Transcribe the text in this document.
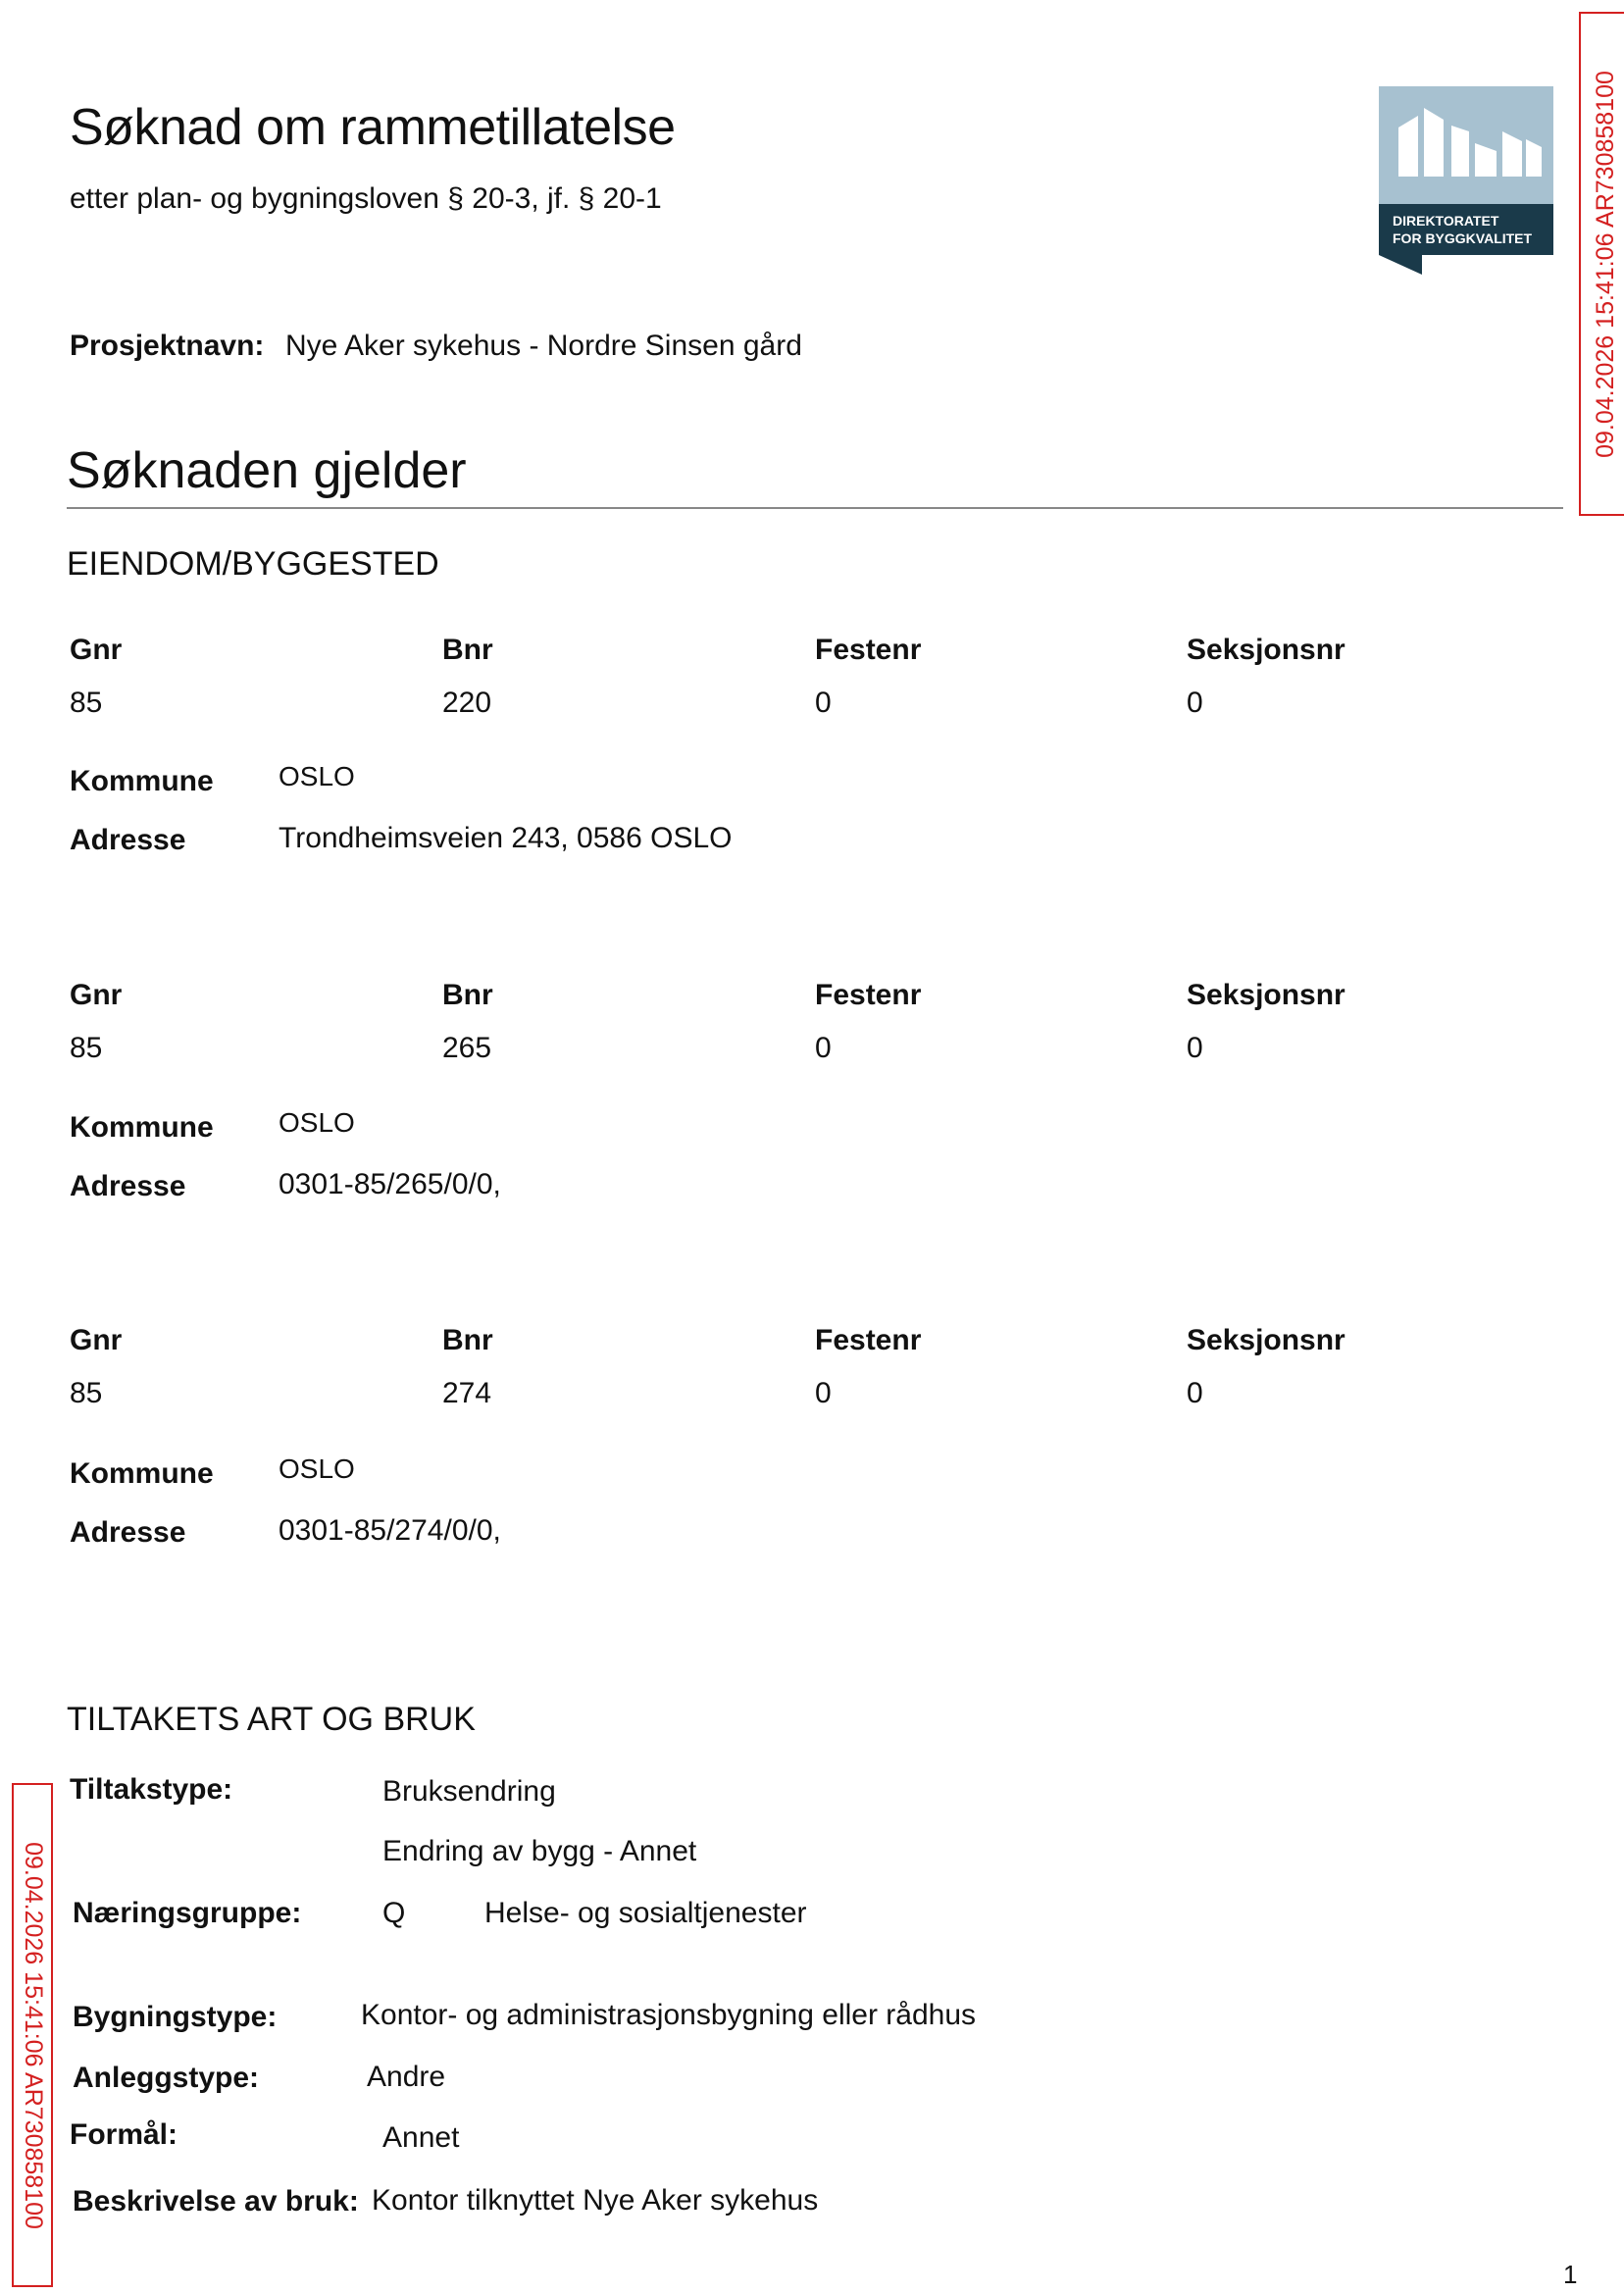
Søknad om rammetillatelse
etter plan- og bygningsloven § 20-3, jf. § 20-1
DIREKTORATET
FOR BYGGKVALITET 09.04.2026 15:41:06 AR730858100
09.04.2026 15:41:06 AR730858100
Prosjektnavn: Nye Aker sykehus - Nordre Sinsen gård
Søknaden gjelder
EIENDOM/BYGGESTED
Gnr	Bnr	Festenr	Seksjonsnr
85	220	0	0
Kommune OSLO
Adresse	Trondheimsveien 243, 0586 OSLO
Gnr	Bnr	Festenr	Seksjonsnr
85	265	0	0
Kommune OSLO
Adresse	0301-85/265/0/0,
Gnr	Bnr	Festenr	Seksjonsnr
85	274	0	0
Kommune OSLO
Adresse	0301-85/274/0/0,
TILTAKETS ART OG BRUK
Tiltakstype:	Bruksendring
Endring av bygg - Annet
Næringsgruppe:	Q	Helse- og sosialtjenester
Bygningstype:	Kontor- og administrasjonsbygning eller rådhus
Anleggstype:	Andre
Formål:	Annet
Beskrivelse av bruk: Kontor tilknyttet Nye Aker sykehus
1
